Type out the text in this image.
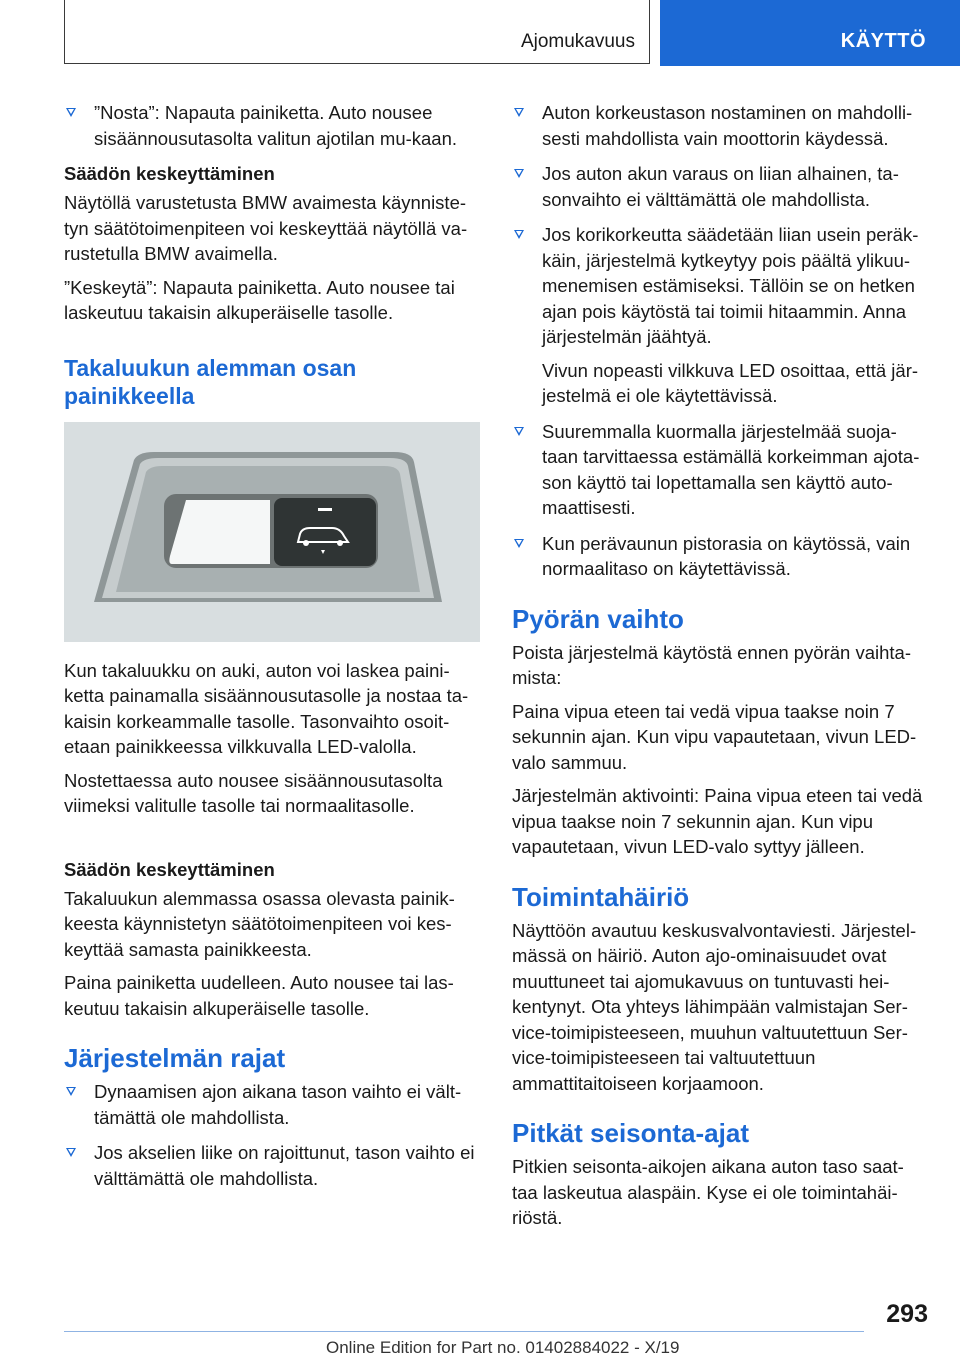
Ajomukavuus	KÄYTTÖ

”Nosta”: Napauta painiketta. Auto nousee sisäännousutasolta valitun ajotilan mu-kaan.

Säädön keskeyttäminen

Näytöllä varustetusta BMW avaimesta käynniste-tyn säätötoimenpiteen voi keskeyttää näytöllä va-rustetulla BMW avaimella.

”Keskeytä”: Napauta painiketta. Auto nousee tai laskeutuu takaisin alkuperäiselle tasolle.

Takaluukun alemman osan painikkeella

Kun takaluukku on auki, auton voi laskea paini-ketta painamalla sisäännousutasolle ja nostaa ta-kaisin korkeammalle tasolle. Tasonvaihto osoit-etaan painikkeessa vilkkuvalla LED-valolla.

Nostettaessa auto nousee sisäännousutasolta viimeksi valitulle tasolle tai normaalitasolle.

Säädön keskeyttäminen

Takaluukun alemmassa osassa olevasta painik-keesta käynnistetyn säätötoimenpiteen voi kes-keyttää samasta painikkeesta.

Paina painiketta uudelleen. Auto nousee tai las-keutuu takaisin alkuperäiselle tasolle.

Järjestelmän rajat

Dynaamisen ajon aikana tason vaihto ei vält-tämättä ole mahdollista.

Jos akselien liike on rajoittunut, tason vaihto ei välttämättä ole mahdollista.

Auton korkeustason nostaminen on mahdolli-sesti mahdollista vain moottorin käydessä.

Jos auton akun varaus on liian alhainen, ta-sonvaihto ei välttämättä ole mahdollista.

Jos korikorkeutta säädetään liian usein peräk-käin, järjestelmä kytkeytyy pois päältä ylikuu-menemisen estämiseksi. Tällöin se on hetken ajan pois käytöstä tai toimii hitaammin. Anna järjestelmän jäähtyä.

Vivun nopeasti vilkkuva LED osoittaa, että jär-jestelmä ei ole käytettävissä.

Suuremmalla kuormalla järjestelmää suoja-taan tarvittaessa estämällä korkeimman ajota-son käyttö tai lopettamalla sen käyttö auto-maattisesti.

Kun perävaunun pistorasia on käytössä, vain normaalitaso on käytettävissä.

Pyörän vaihto

Poista järjestelmä käytöstä ennen pyörän vaihta-mista:

Paina vipua eteen tai vedä vipua taakse noin 7 sekunnin ajan. Kun vipu vapautetaan, vivun LED-valo sammuu.

Järjestelmän aktivointi: Paina vipua eteen tai vedä vipua taakse noin 7 sekunnin ajan. Kun vipu vapautetaan, vivun LED-valo syttyy jälleen.

Toimintahäiriö

Näyttöön avautuu keskusvalvontaviesti. Järjestel-mässä on häiriö. Auton ajo-ominaisuudet ovat muuttuneet tai ajomukavuus on tuntuvasti hei-kentynyt. Ota yhteys lähimpään valmistajan Ser-vice-toimipisteeseen, muuhun valtuutettuun Ser-vice-toimipisteeseen tai valtuutettuun ammattitaitoiseen korjaamoon.

Pitkät seisonta-ajat

Pitkien seisonta-aikojen aikana auton taso saat-taa laskeutua alaspäin. Kyse ei ole toimintahäi-riöstä.

293
Online Edition for Part no. 01402884022 - X/19
